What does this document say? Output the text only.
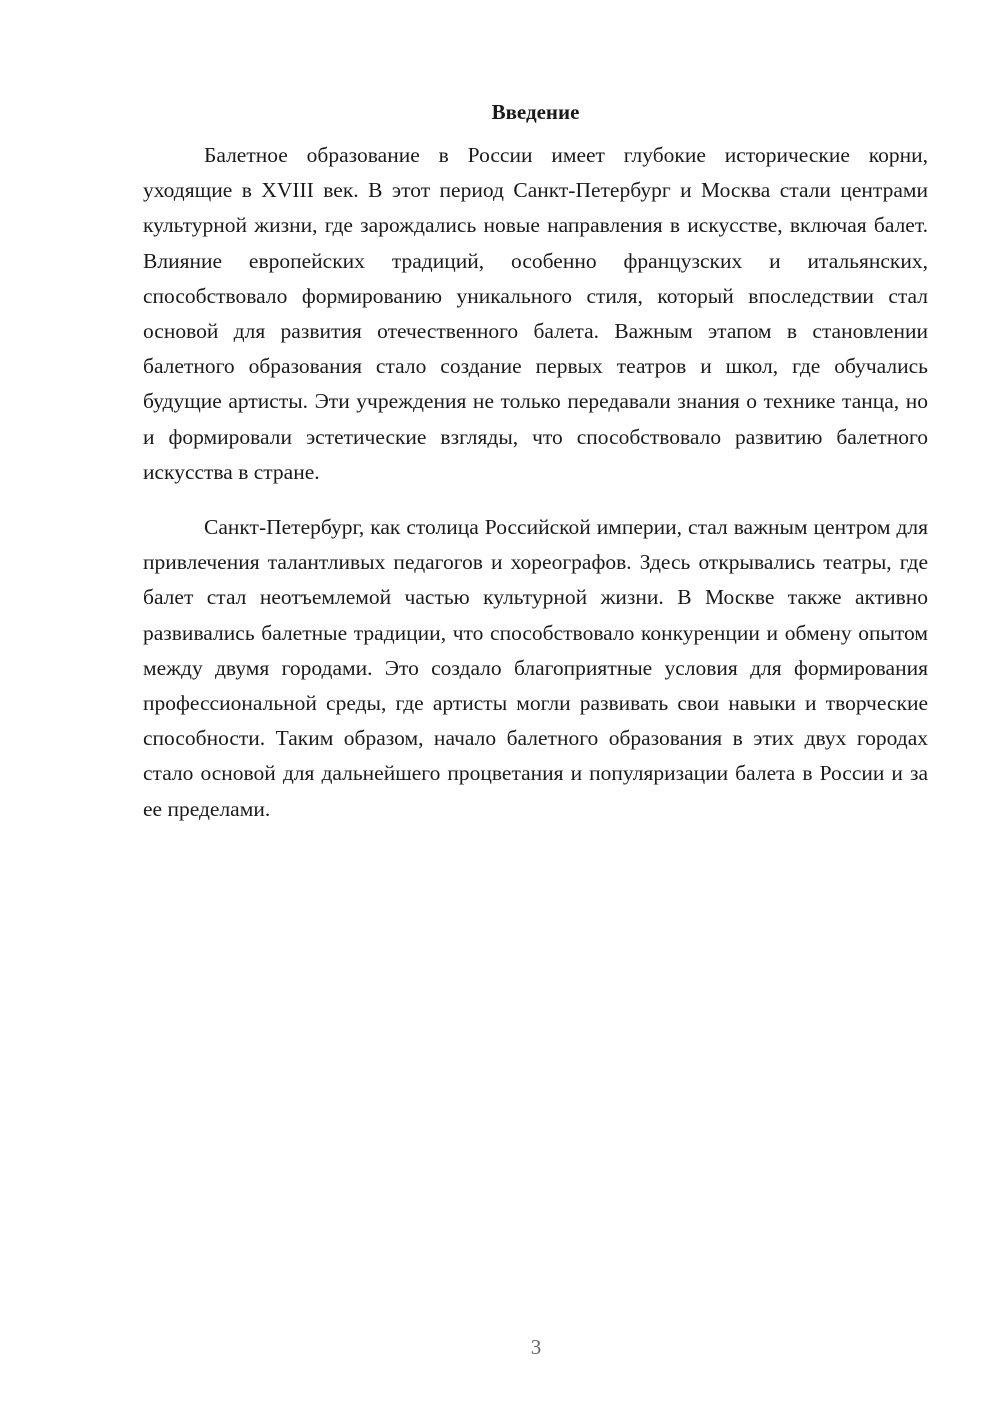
Введение

Балетное образование в России имеет глубокие исторические корни, уходящие в XVIII век. В этот период Санкт-Петербург и Москва стали центрами культурной жизни, где зарождались новые направления в искусстве, включая балет. Влияние европейских традиций, особенно французских и итальянских, способствовало формированию уникального стиля, который впоследствии стал основой для развития отечественного балета. Важным этапом в становлении балетного образования стало создание первых театров и школ, где обучались будущие артисты. Эти учреждения не только передавали знания о технике танца, но и формировали эстетические взгляды, что способствовало развитию балетного искусства в стране.

Санкт-Петербург, как столица Российской империи, стал важным центром для привлечения талантливых педагогов и хореографов. Здесь открывались театры, где балет стал неотъемлемой частью культурной жизни. В Москве также активно развивались балетные традиции, что способствовало конкуренции и обмену опытом между двумя городами. Это создало благоприятные условия для формирования профессиональной среды, где артисты могли развивать свои навыки и творческие способности. Таким образом, начало балетного образования в этих двух городах стало основой для дальнейшего процветания и популяризации балета в России и за ее пределами.

3
